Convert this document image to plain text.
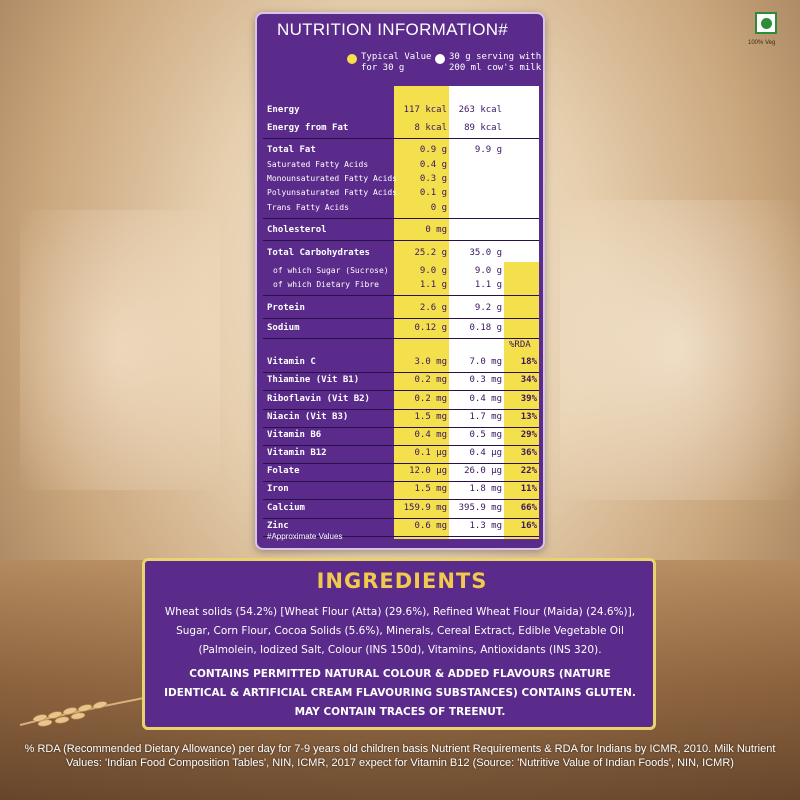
100% Veg
NUTRITION INFORMATION#
Typical Value
for 30 g
30 g serving with
200 ml cow's milk
%RDA
Energy	117 kcal	263 kcal
Energy from Fat	8 kcal	89 kcal
Total Fat	0.9 g	9.9 g
Saturated Fatty Acids	0.4 g
Monounsaturated Fatty Acids	0.3 g
Polyunsaturated Fatty Acids	0.1 g
Trans Fatty Acids	0 g
Cholesterol	0 mg
Total Carbohydrates	25.2 g	35.0 g
of which Sugar (Sucrose)	9.0 g	9.0 g
of which Dietary Fibre	1.1 g	1.1 g
Protein	2.6 g	9.2 g
Sodium	0.12 g	0.18 g
Vitamin C	3.0 mg	7.0 mg	18%
Thiamine (Vit B1)	0.2 mg	0.3 mg	34%
Riboflavin (Vit B2)	0.2 mg	0.4 mg	39%
Niacin (Vit B3)	1.5 mg	1.7 mg	13%
Vitamin B6	0.4 mg	0.5 mg	29%
Vitamin B12	0.1 µg	0.4 µg	36%
Folate	12.0 µg	26.0 µg	22%
Iron	1.5 mg	1.8 mg	11%
Calcium	159.9 mg	395.9 mg	66%
Zinc	0.6 mg	1.3 mg	16%
#Approximate Values
INGREDIENTS
Wheat solids (54.2%) [Wheat Flour (Atta) (29.6%), Refined Wheat Flour (Maida) (24.6%)], Sugar, Corn Flour, Cocoa Solids (5.6%), Minerals, Cereal Extract, Edible Vegetable Oil (Palmolein, Iodized Salt, Colour (INS 150d), Vitamins, Antioxidants (INS 320).
CONTAINS PERMITTED NATURAL COLOUR & ADDED FLAVOURS (NATURE IDENTICAL & ARTIFICIAL CREAM FLAVOURING SUBSTANCES) CONTAINS GLUTEN. MAY CONTAIN TRACES OF TREENUT.
% RDA (Recommended Dietary Allowance) per day for 7-9 years old children basis Nutrient Requirements & RDA for Indians by ICMR, 2010. Milk Nutrient Values: 'Indian Food Composition Tables', NIN, ICMR, 2017 expect for Vitamin B12 (Source: 'Nutritive Value of Indian Foods', NIN, ICMR)
